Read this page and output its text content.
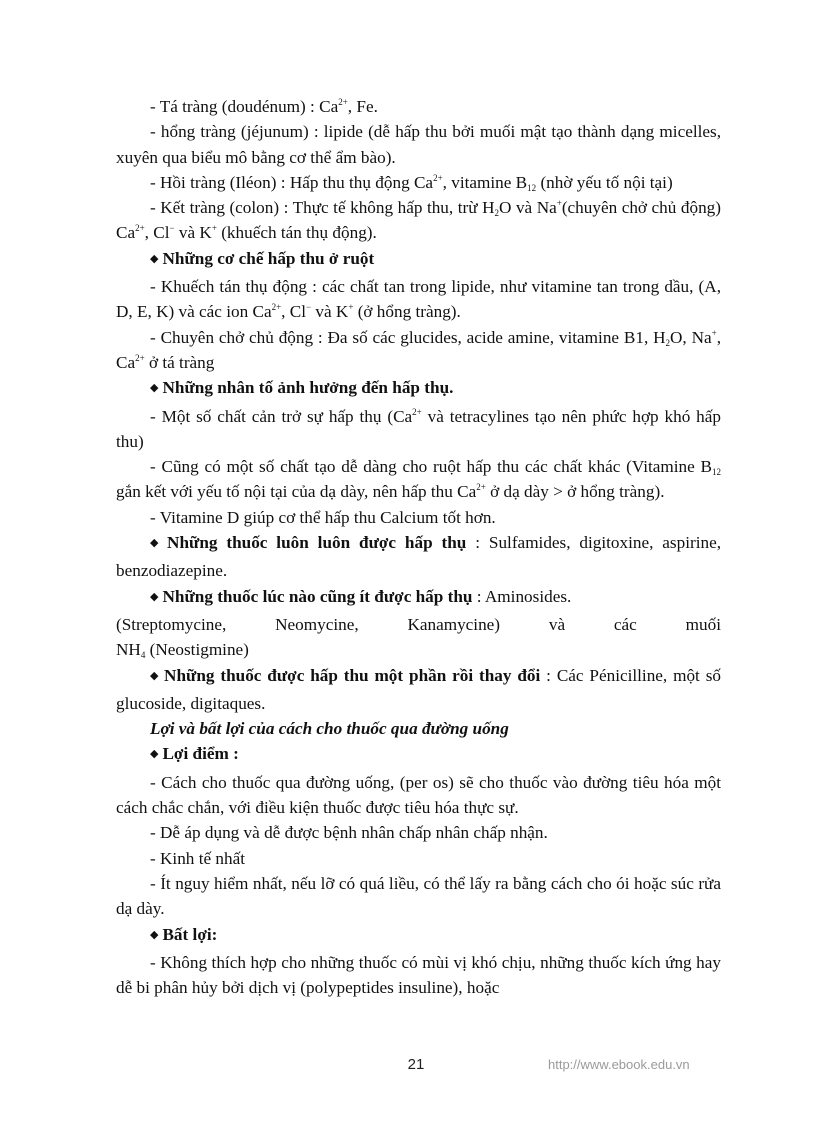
- Tá tràng (doudénum) : $Ca^{2+}$, Fe.

- hổng tràng (jéjunum) : lipide (dễ hấp thu bởi muối mật tạo thành dạng micelles, xuyên qua biểu mô bằng cơ thể ẩm bào).

- Hồi tràng (Iléon) : Hấp thu thụ động $Ca^{2+}$, vitamine $B_{12}$ (nhờ yếu tố nội tại)

- Kết tràng (colon) : Thực tế không hấp thu, trừ $H_2O$ và Na+(chuyên chở chủ động) $Ca^{2+}$, Cl− và K+ (khuếch tán thụ động).

◆ Những cơ chế hấp thu ở ruột

- Khuếch tán thụ động : các chất tan trong lipide, như vitamine tan trong dầu, (A, D, E, K) và các ion $Ca^{2+}$, Cl− và K+ (ở hổng tràng).

- Chuyên chở chủ động : Đa số các glucides, acide amine, vitamine B1, $H_2O$, Na+, $Ca^{2+}$ ở tá tràng

◆ Những nhân tố ảnh hưởng đến hấp thụ.

- Một số chất cản trở sự hấp thụ ($Ca^{2+}$ và tetracylines tạo nên phức hợp khó hấp thu)

- Cũng có một số chất tạo dễ dàng cho ruột hấp thu các chất khác (Vitamine $B_{12}$ gắn kết với yếu tố nội tại của dạ dày, nên hấp thu $Ca^{2+}$ ở dạ dày > ở hổng tràng).

- Vitamine D giúp cơ thể hấp thu Calcium tốt hơn.

◆ Những thuốc luôn luôn được hấp thụ : Sulfamides, digitoxine, aspirine, benzodiazepine.

◆ Những thuốc lúc nào cũng ít được hấp thụ : Aminosides.

(Streptomycine,	Neomycine,	Kanamycine)	và	các	muối

$NH_4$ (Neostigmine)

◆ Những thuốc được hấp thu một phần rồi thay đổi : Các Pénicilline, một số glucoside, digitaques.

Lợi và bất lợi của cách cho thuốc qua đường uống

◆ Lợi điểm :

- Cách cho thuốc qua đường uống, (per os) sẽ cho thuốc vào đường tiêu hóa một cách chắc chắn, với điều kiện thuốc được tiêu hóa thực sự.

- Dễ áp dụng và dễ được bệnh nhân chấp nhân chấp nhận.

- Kinh tế nhất

- Ít nguy hiểm nhất, nếu lỡ có quá liều, có thể lấy ra bằng cách cho ói hoặc súc rửa dạ dày.

◆ Bất lợi:

- Không thích hợp cho những thuốc có mùi vị khó chịu, những thuốc kích ứng hay dễ bi phân hủy bởi dịch vị (polypeptides insuline), hoặc

21	http://www.ebook.edu.vn
